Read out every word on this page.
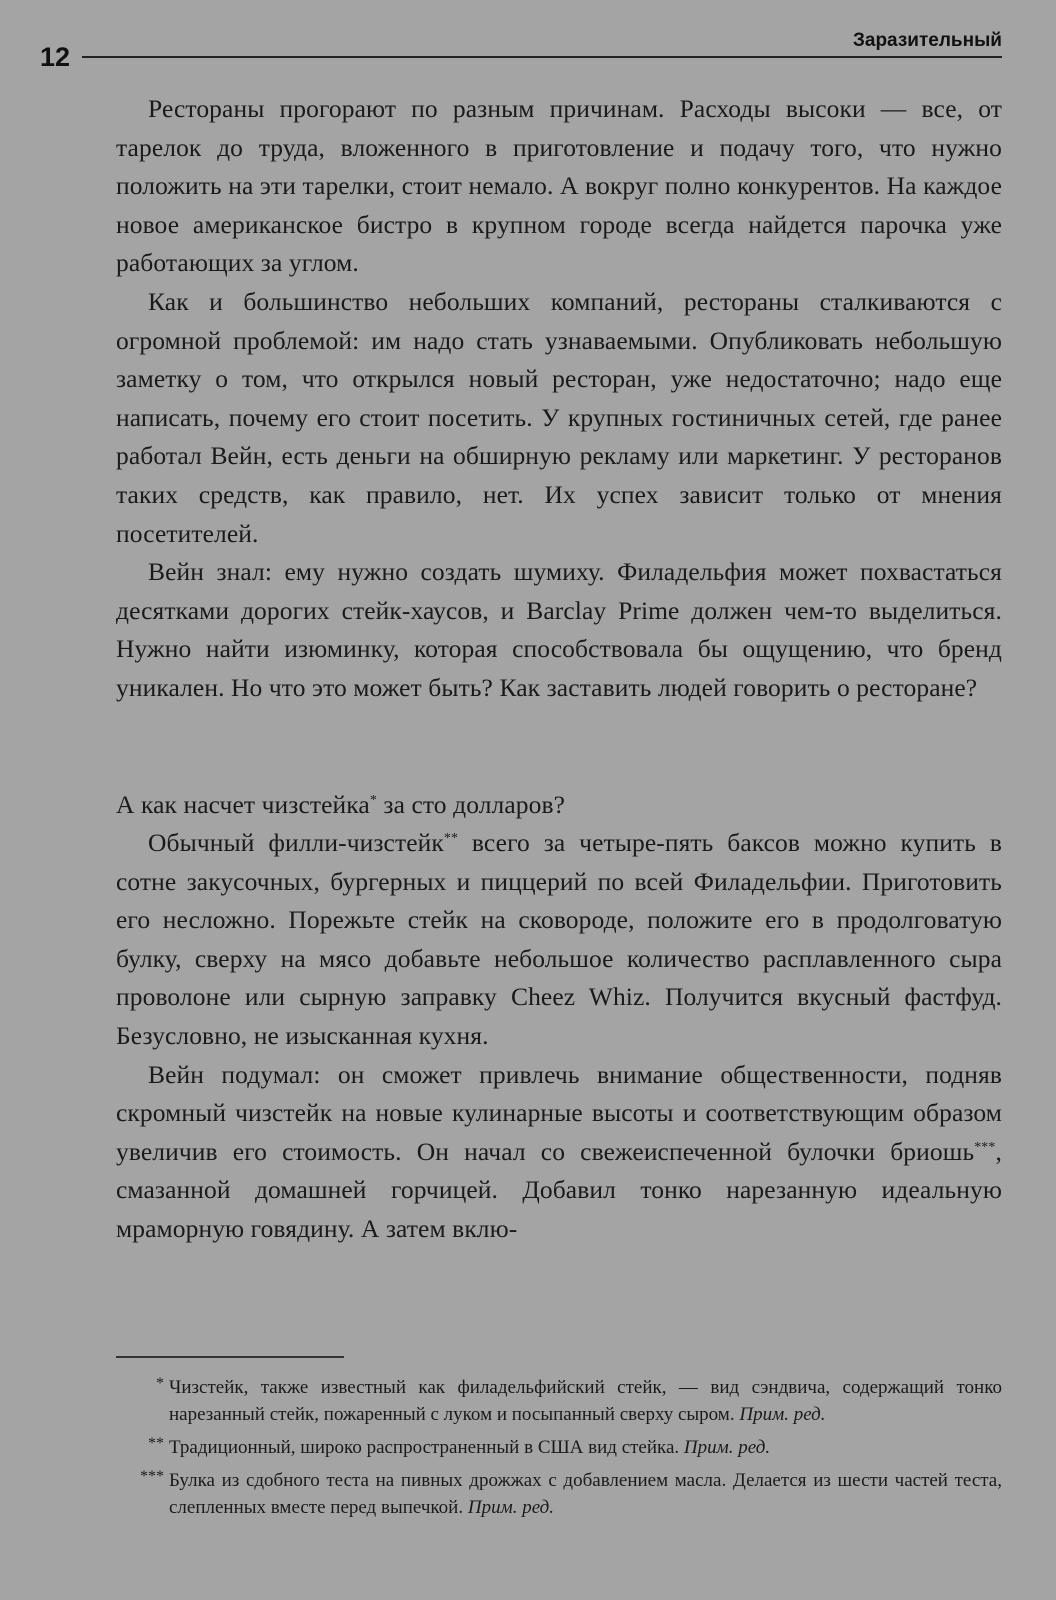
12
Заразительный

Рестораны прогорают по разным причинам. Расходы высоки — все, от тарелок до труда, вложенного в приготовление и подачу того, что нужно положить на эти тарелки, стоит немало. А вокруг полно конкурентов. На каждое новое американское бистро в крупном городе всегда найдется парочка уже работающих за углом.

Как и большинство небольших компаний, рестораны сталкиваются с огромной проблемой: им надо стать узнаваемыми. Опубликовать небольшую заметку о том, что открылся новый ресторан, уже недостаточно; надо еще написать, почему его стоит посетить. У крупных гостиничных сетей, где ранее работал Вейн, есть деньги на обширную рекламу или маркетинг. У ресторанов таких средств, как правило, нет. Их успех зависит только от мнения посетителей.

Вейн знал: ему нужно создать шумиху. Филадельфия может похвастаться десятками дорогих стейк-хаусов, и Barclay Prime должен чем-то выделиться. Нужно найти изюминку, которая способствовала бы ощущению, что бренд уникален. Но что это может быть? Как заставить людей говорить о ресторане?

А как насчет чизстейка* за сто долларов?

Обычный филли-чизстейк** всего за четыре-пять баксов можно купить в сотне закусочных, бургерных и пиццерий по всей Филадельфии. Приготовить его несложно. Порежьте стейк на сковороде, положите его в продолговатую булку, сверху на мясо добавьте небольшое количество расплавленного сыра проволоне или сырную заправку Cheez Whiz. Получится вкусный фастфуд. Безусловно, не изысканная кухня.

Вейн подумал: он сможет привлечь внимание общественности, подняв скромный чизстейк на новые кулинарные высоты и соответствующим образом увеличив его стоимость. Он начал со свежеиспеченной булочки бриошь***, смазанной домашней горчицей. Добавил тонко нарезанную идеальную мраморную говядину. А затем вклю-

* Чизстейк, также известный как филадельфийский стейк, — вид сэндвича, содержащий тонко нарезанный стейк, пожаренный с луком и посыпанный сверху сыром. Прим. ред.
** Традиционный, широко распространенный в США вид стейка. Прим. ред.
*** Булка из сдобного теста на пивных дрожжах с добавлением масла. Делается из шести частей теста, слепленных вместе перед выпечкой. Прим. ред.
